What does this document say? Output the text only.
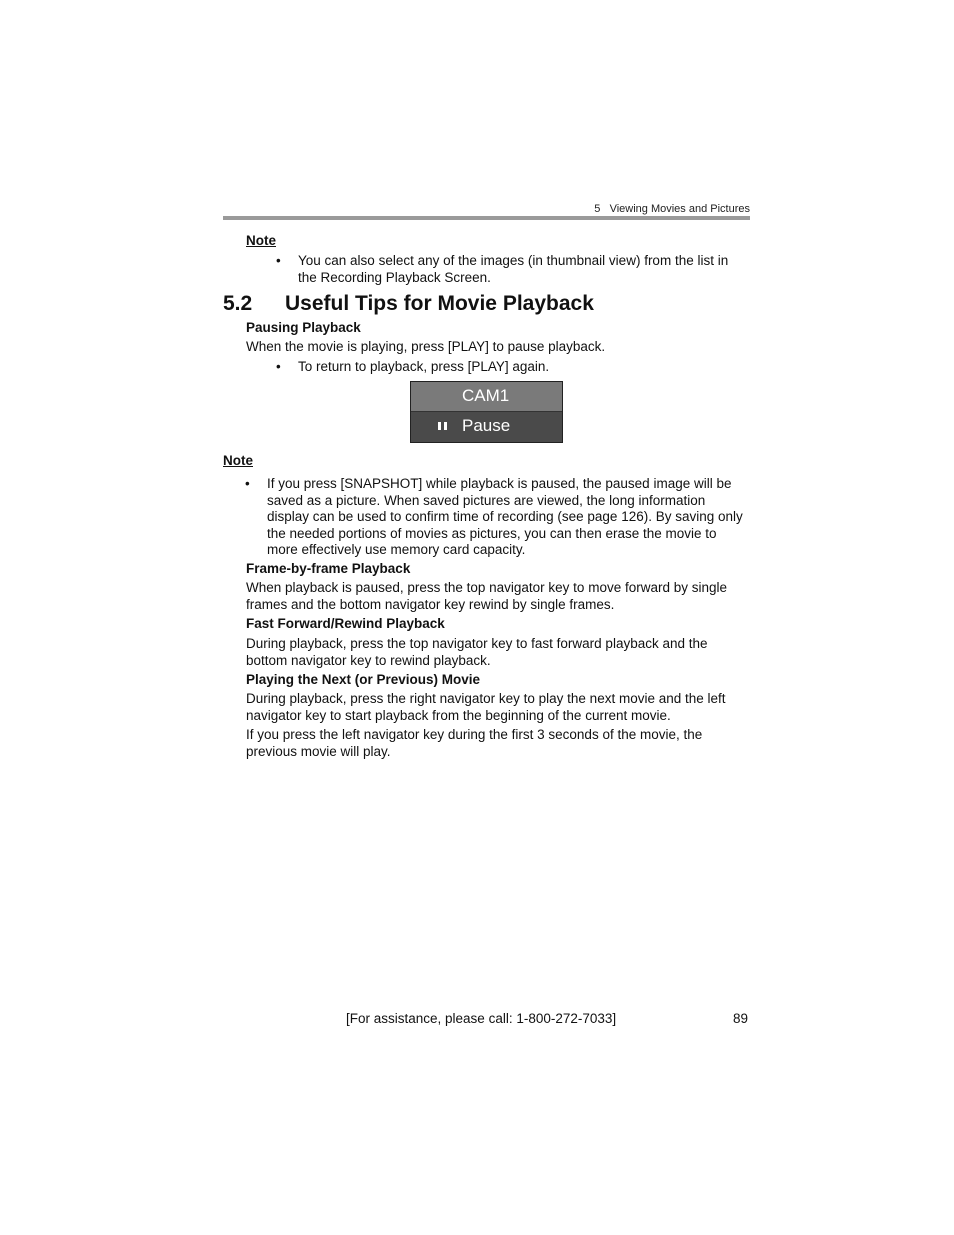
5 Viewing Movies and Pictures
Note
• You can also select any of the images (in thumbnail view) from the list in
the Recording Playback Screen.
5.2 Useful Tips for Movie Playback
Pausing Playback
When the movie is playing, press [PLAY] to pause playback.
• To return to playback, press [PLAY] again.
CAM1
Pause
Note
• If you press [SNAPSHOT] while playback is paused, the paused image will be
saved as a picture. When saved pictures are viewed, the long information
display can be used to confirm time of recording (see page 126). By saving only
the needed portions of movies as pictures, you can then erase the movie to
more effectively use memory card capacity.
Frame-by-frame Playback
When playback is paused, press the top navigator key to move forward by single
frames and the bottom navigator key rewind by single frames.
Fast Forward/Rewind Playback
During playback, press the top navigator key to fast forward playback and the
bottom navigator key to rewind playback.
Playing the Next (or Previous) Movie
During playback, press the right navigator key to play the next movie and the left
navigator key to start playback from the beginning of the current movie.
If you press the left navigator key during the first 3 seconds of the movie, the
previous movie will play.
[For assistance, please call: 1-800-272-7033]	89
